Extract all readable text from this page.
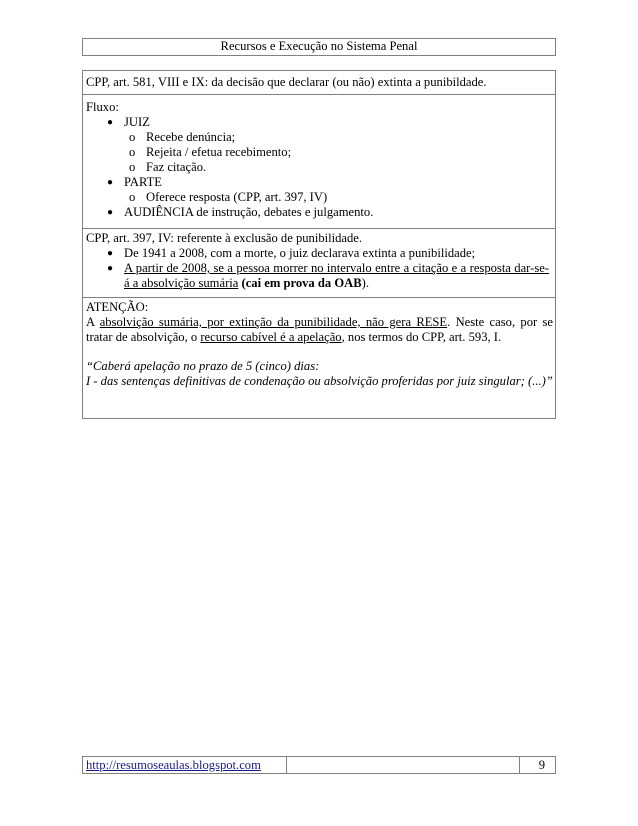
Recursos e Execução no Sistema Penal
CPP, art. 581, VIII e IX: da decisão que declarar (ou não) extinta a punibildade.
Fluxo:
● JUIZ
o Recebe denúncia;
o Rejeita / efetua recebimento;
o Faz citação.
● PARTE
o Oferece resposta (CPP, art. 397, IV)
● AUDIÊNCIA de instrução, debates e julgamento.
CPP, art. 397, IV: referente à exclusão de punibilidade.
● De 1941 a 2008, com a morte, o juiz declarava extinta a punibilidade;
● A partir de 2008, se a pessoa morrer no intervalo entre a citação e a resposta dar-se-á a absolvição sumária (cai em prova da OAB).
ATENÇÃO:
A absolvição sumária, por extinção da punibilidade, não gera RESE. Neste caso, por se tratar de absolvição, o recurso cabível é a apelação, nos termos do CPP, art. 593, I.
“Caberá apelação no prazo de 5 (cinco) dias:
I - das sentenças definitivas de condenação ou absolvição proferidas por juiz singular; (...)”
http://resumoseaulas.blogspot.com	9
